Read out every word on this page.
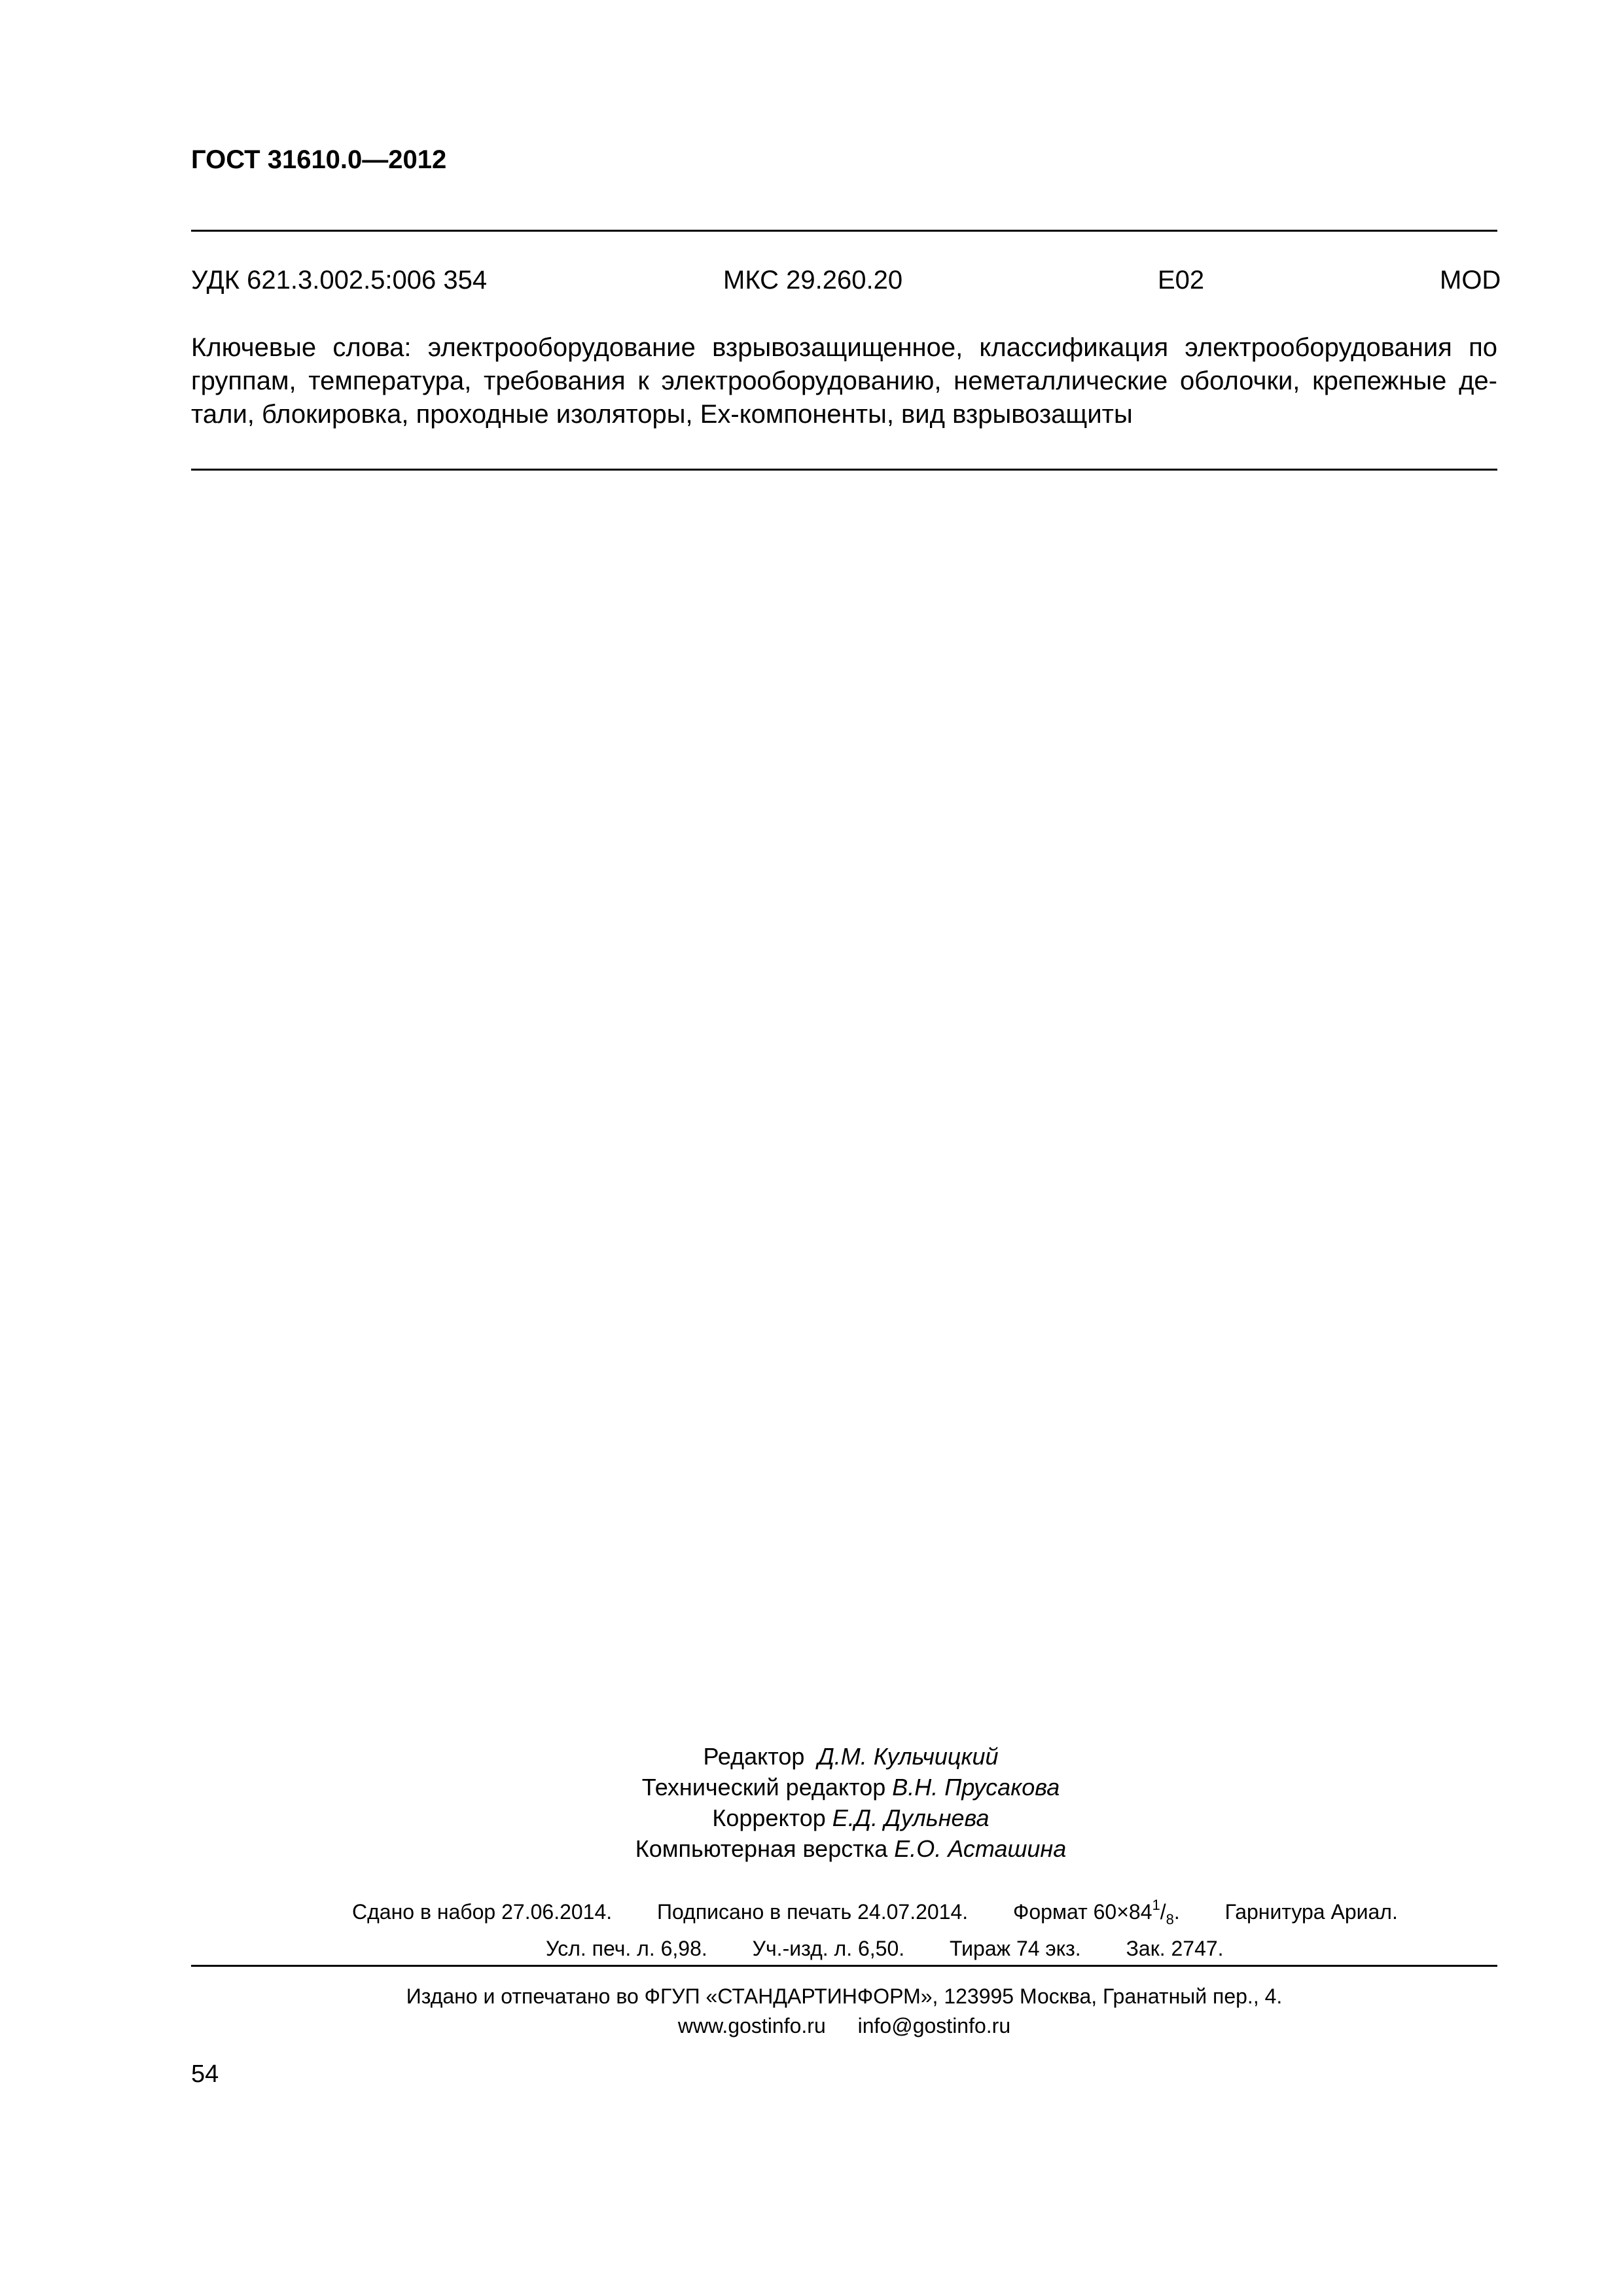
ГОСТ 31610.0—2012
УДК 621.3.002.5:006 354	МКС 29.260.20	Е02	MOD
Ключевые слова: электрооборудование взрывозащищенное, классификация электрооборудования по
группам, температура, требования к электрооборудованию, неметаллические оболочки, крепежные де-
тали, блокировка, проходные изоляторы, Ex-компоненты, вид взрывозащиты
Редактор Д.М. Кульчицкий
Технический редактор В.Н. Прусакова
Корректор Е.Д. Дульнева
Компьютерная верстка Е.О. Асташина
Сдано в набор 27.06.2014. Подписано в печать 24.07.2014. Формат $60\times 84^1/_8$. Гарнитура Ариал.
Усл. печ. л. 6,98. Уч.-изд. л. 6,50. Тираж 74 экз. Зак. 2747.
Издано и отпечатано во ФГУП «СТАНДАРТИНФОРМ», 123995 Москва, Гранатный пер., 4.
www.gostinfo.ru info@gostinfo.ru
54
